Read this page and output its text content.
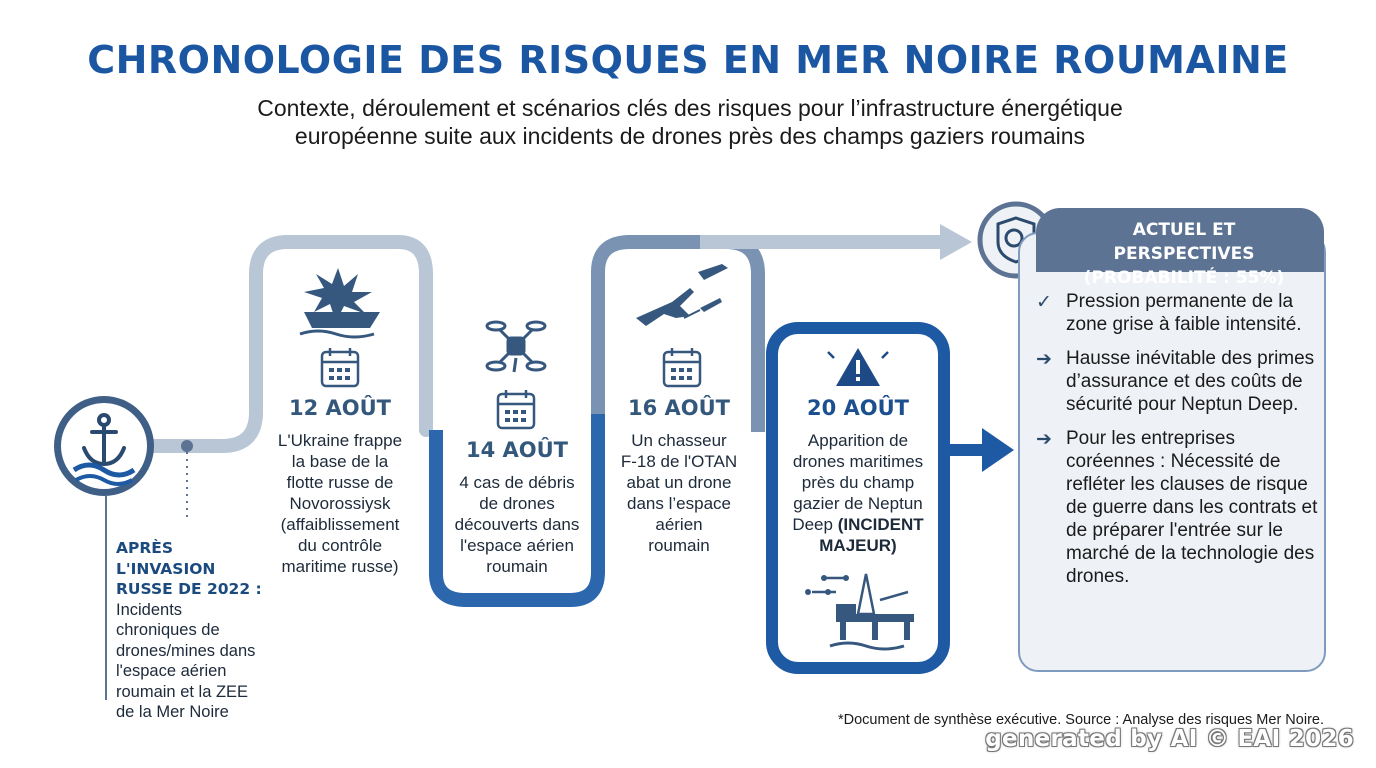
CHRONOLOGIE DES RISQUES EN MER NOIRE ROUMAINE
Contexte, déroulement et scénarios clés des risques pour l’infrastructure énergétique
européenne suite aux incidents de drones près des champs gaziers roumains
APRÈS L'INVASION
RUSSE DE 2022 :
Incidents
chroniques de
drones/mines dans
l'espace aérien
roumain et la ZEE
de la Mer Noire
12 AOÛT
L'Ukraine frappe
la base de la
flotte russe de
Novorossiysk
(affaiblissement
du contrôle
maritime russe)
14 AOÛT
4 cas de débris
de drones
découverts dans
l'espace aérien
roumain
16 AOÛT
Un chasseur
F-18 de l'OTAN
abat un drone
dans l’espace
aérien
roumain
20 AOÛT
Apparition de
drones maritimes
près du champ
gazier de Neptun
Deep (INCIDENT
MAJEUR)
ACTUEL ET PERSPECTIVES
(PROBABILITÉ : 55%)
✓ Pression permanente de la zone grise à faible intensité.
➔ Hausse inévitable des primes d’assurance et des coûts de sécurité pour Neptun Deep.
➔ Pour les entreprises coréennes : Nécessité de refléter les clauses de risque de guerre dans les contrats et de préparer l'entrée sur le marché de la technologie des drones.
*Document de synthèse exécutive. Source : Analyse des risques Mer Noire.
generated by AI © EAI 2026
